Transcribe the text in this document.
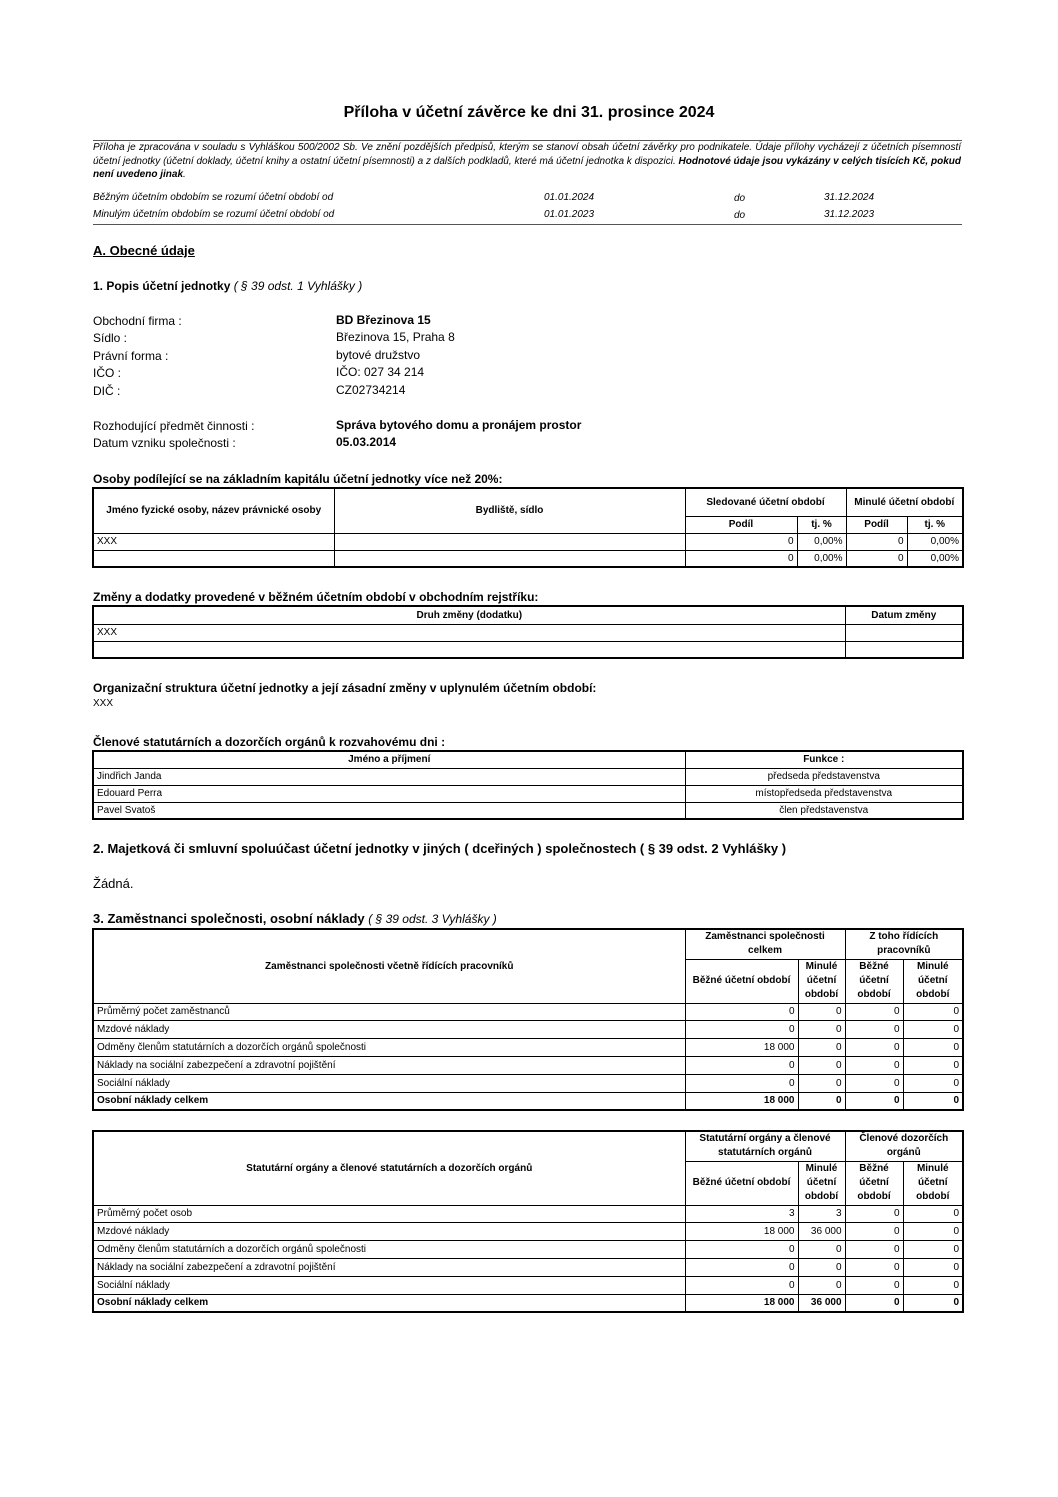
Příloha v účetní závěrce ke dni 31. prosince 2024
Příloha je zpracována v souladu s Vyhláškou 500/2002 Sb. Ve znění pozdějších předpisů, kterým se stanoví obsah účetní závěrky pro podnikatele. Údaje přílohy vycházejí z účetních písemností účetní jednotky (účetní doklady, účetní knihy a ostatní účetní písemnosti) a z dalších podkladů, které má účetní jednotka k dispozici. Hodnotové údaje jsou vykázány v celých tisících Kč, pokud není uvedeno jinak.
Běžným účetním obdobím se rozumí účetní období od	01.01.2024	do	31.12.2024
Minulým účetním obdobím se rozumí účetní období od	01.01.2023	do	31.12.2023
A. Obecné údaje
1. Popis účetní jednotky ( § 39 odst. 1 Vyhlášky )
Obchodní firma :	BD Březinova 15
Sídlo :	Březinova 15, Praha 8
Právní forma :	bytové družstvo
IČO :	IČO: 027 34 214
DIČ :	CZ02734214
Rozhodující předmět činnosti :	Správa bytového domu a pronájem prostor
Datum vzniku společnosti :	05.03.2014
Osoby podílející se na základním kapitálu účetní jednotky více než 20%:
Jméno fyzické osoby, název právnické osoby	Bydliště, sídlo	Sledované účetní období		Minulé účetní období	
		Podíl	tj. %	Podíl	tj. %
XXX		0	0,00%	0	0,00%
		0	0,00%	0	0,00%
Změny a dodatky provedené v běžném účetním období v obchodním rejstříku:
Druh změny (dodatku)	Datum změny
XXX	

Organizační struktura účetní jednotky a její zásadní změny v uplynulém účetním období:
XXX
Členové statutárních a dozorčích orgánů k rozvahovému dni :
Jméno a příjmení	Funkce :
Jindřich Janda	předseda představenstva
Edouard Perra	místopředseda představenstva
Pavel Svatoš	člen představenstva
2. Majetková či smluvní spoluúčast účetní jednotky v jiných ( dceřiných ) společnostech ( § 39 odst. 2 Vyhlášky )
Žádná.
3. Zaměstnanci společnosti, osobní náklady ( § 39 odst. 3 Vyhlášky )
Zaměstnanci společnosti včetně řídících pracovníků	Zaměstnanci společnosti celkem		Z toho řídících pracovníků	
	Běžné účetní období	Minulé účetní období	Běžné účetní období	Minulé účetní období
Průměrný počet zaměstnanců	0	0	0	0
Mzdové náklady	0	0	0	0
Odměny členům statutárních a dozorčích orgánů společnosti	18 000	0	0	0
Náklady na sociální zabezpečení a zdravotní pojištění	0	0	0	0
Sociální náklady	0	0	0	0
Osobní náklady celkem	18 000	0	0	0
Statutární orgány a členové statutárních a dozorčích orgánů	Statutární orgány a členové statutárních orgánů		Členové dozorčích orgánů	
	Běžné účetní období	Minulé účetní období	Běžné účetní období	Minulé účetní období
Průměrný počet osob	3	3	0	0
Mzdové náklady	18 000	36 000	0	0
Odměny členům statutárních a dozorčích orgánů společnosti	0	0	0	0
Náklady na sociální zabezpečení a zdravotní pojištění	0	0	0	0
Sociální náklady	0	0	0	0
Osobní náklady celkem	18 000	36 000	0	0
